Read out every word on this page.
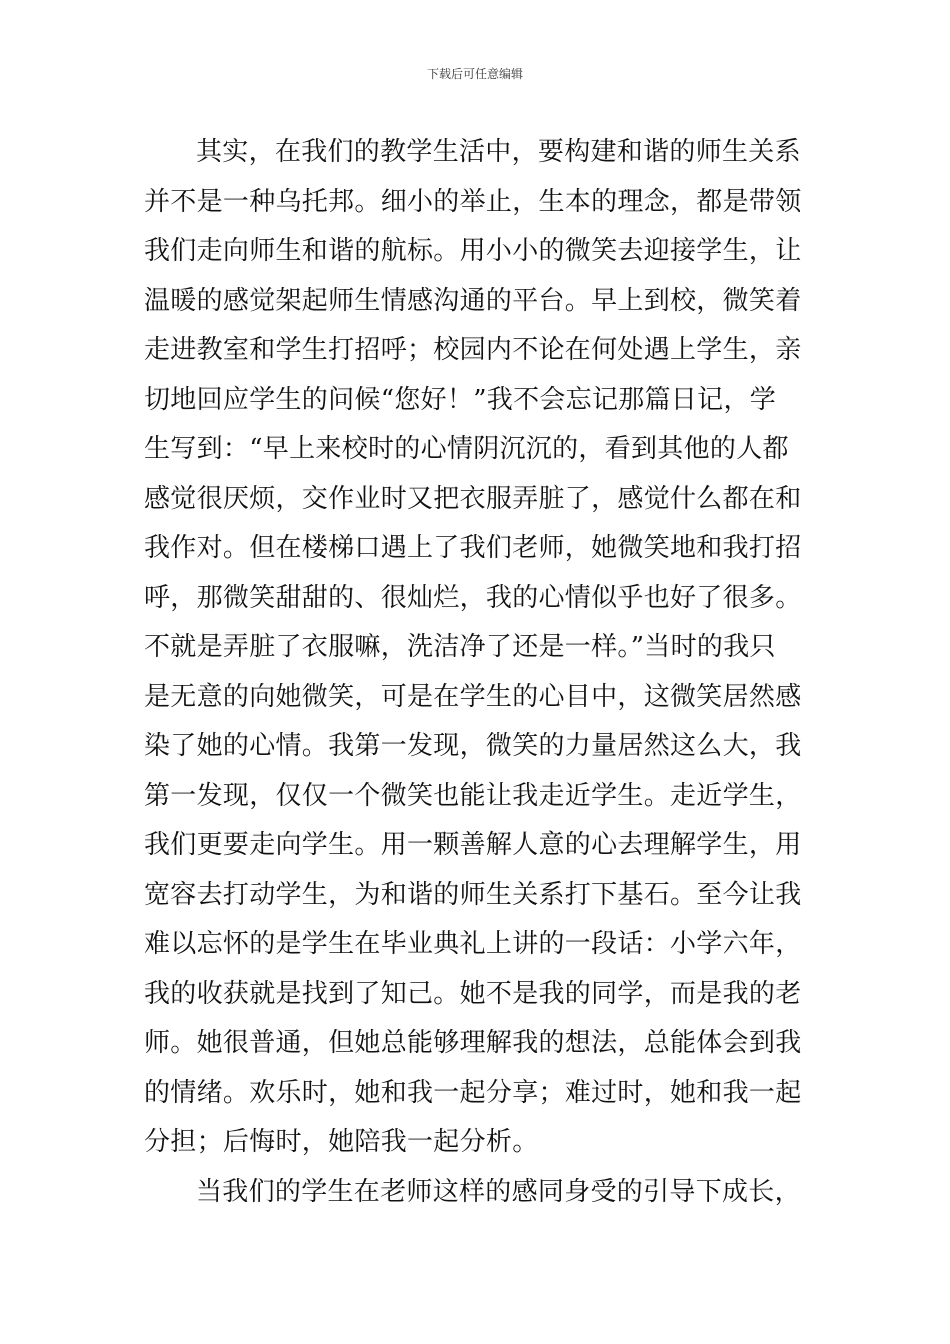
下载后可任意编辑
其实，在我们的教学生活中，要构建和谐的师生关系
并不是一种乌托邦。细小的举止，生本的理念，都是带领
我们走向师生和谐的航标。用小小的微笑去迎接学生，让
温暖的感觉架起师生情感沟通的平台。早上到校，微笑着
走进教室和学生打招呼；校园内不论在何处遇上学生，亲
切地回应学生的问候“您好！”我不会忘记那篇日记，学
生写到：“早上来校时的心情阴沉沉的，看到其他的人都
感觉很厌烦，交作业时又把衣服弄脏了，感觉什么都在和
我作对。但在楼梯口遇上了我们老师，她微笑地和我打招
呼，那微笑甜甜的、很灿烂，我的心情似乎也好了很多。
不就是弄脏了衣服嘛，洗洁净了还是一样。”当时的我只
是无意的向她微笑，可是在学生的心目中，这微笑居然感
染了她的心情。我第一发现，微笑的力量居然这么大，我
第一发现，仅仅一个微笑也能让我走近学生。走近学生，
我们更要走向学生。用一颗善解人意的心去理解学生，用
宽容去打动学生，为和谐的师生关系打下基石。至今让我
难以忘怀的是学生在毕业典礼上讲的一段话：小学六年，
我的收获就是找到了知己。她不是我的同学，而是我的老
师。她很普通，但她总能够理解我的想法，总能体会到我
的情绪。欢乐时，她和我一起分享；难过时，她和我一起
分担；后悔时，她陪我一起分析。
当我们的学生在老师这样的感同身受的引导下成长，
